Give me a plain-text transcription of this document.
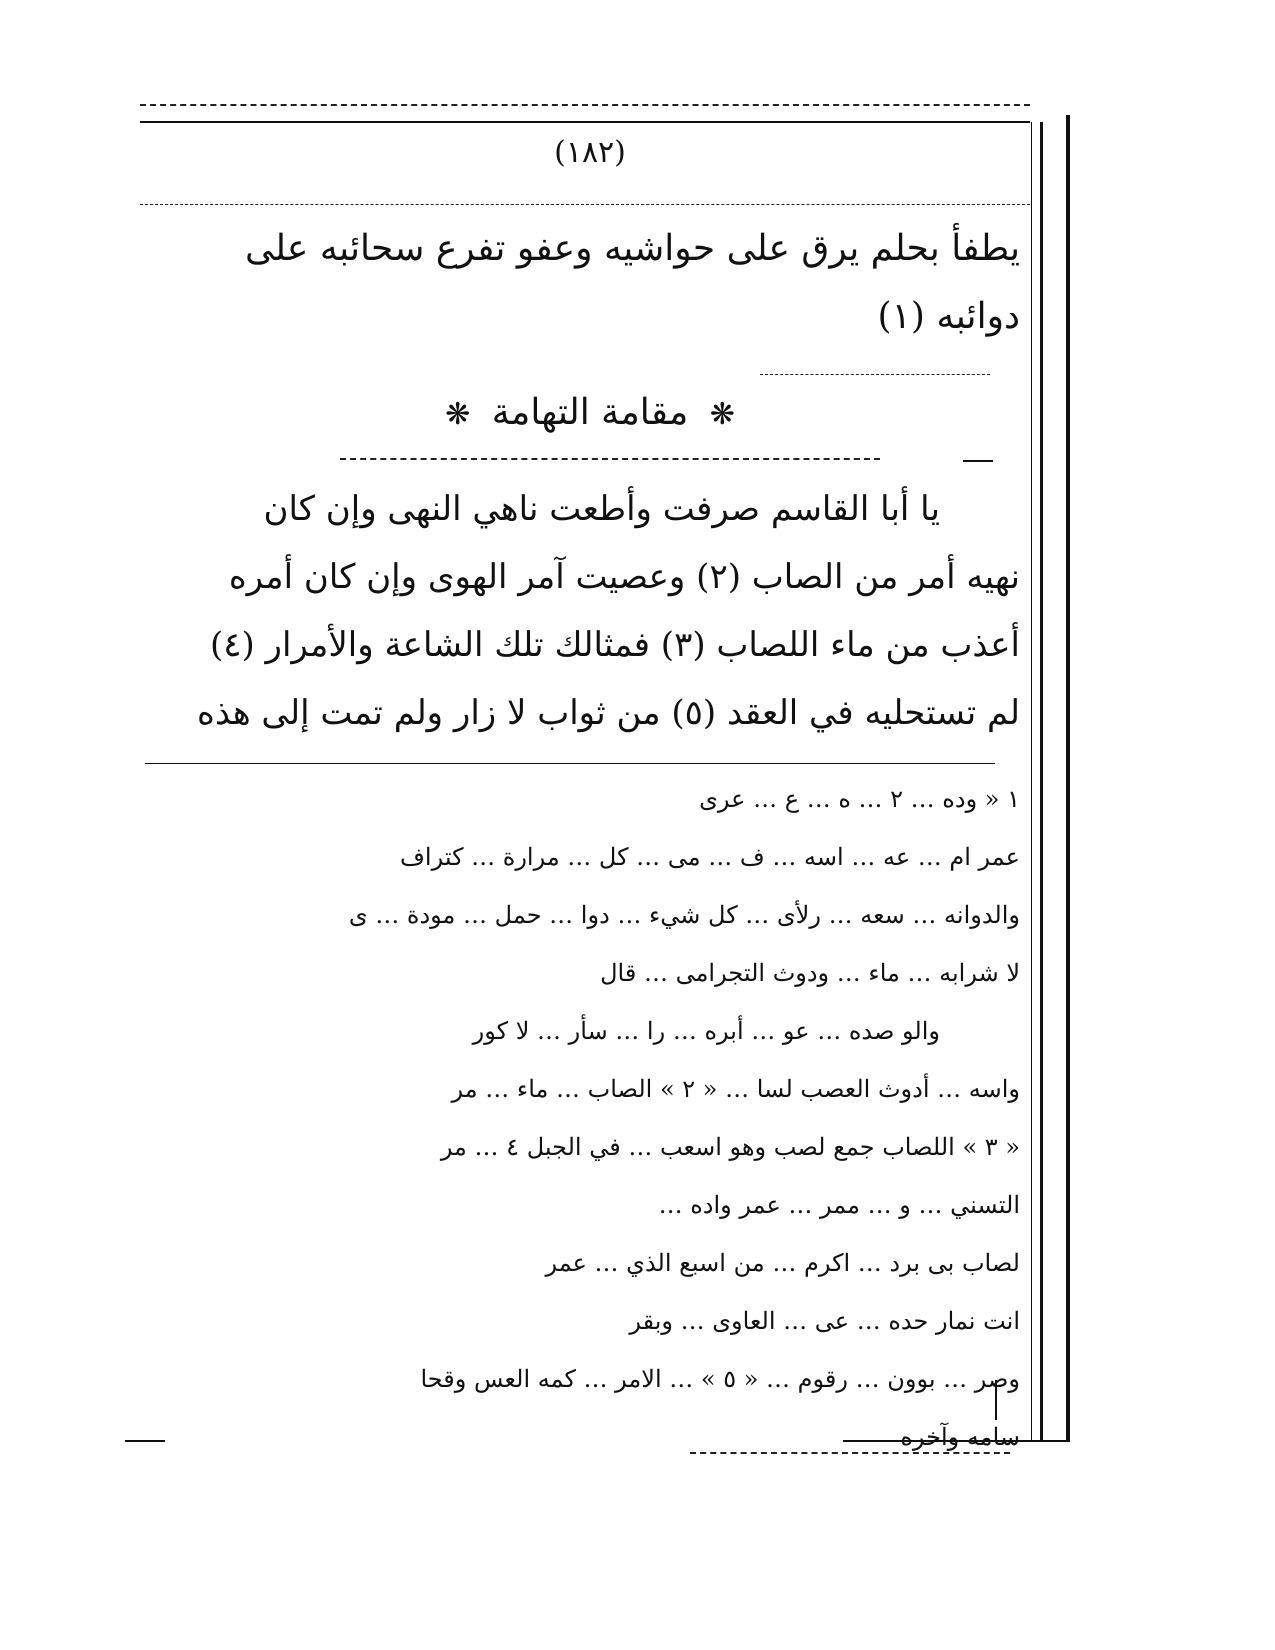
(١٨٢)
يطفأ بحلم يرق على حواشيه وعفو تفرع سحائبه على
دوائبه (١)
❋ مقامة التهامة ❋
يا أبا القاسم صرفت وأطعت ناهي النهى وإن كان
نهيه أمر من الصاب (٢) وعصيت آمر الهوى وإن كان أمره
أعذب من ماء اللصاب (٣) فمثالك تلك الشاعة والأمرار (٤)
لم تستحليه في العقد (٥) من ثواب لا زار ولم تمت إلى هذه
١ « وده … ٢ … ه … ع … عرى
عمر ام … عه … اسه … ف … مى … كل … مرارة … كتراف
والدوانه … سعه … رلأى … كل شيء … دوا … حمل … مودة … ى
لا شرابه … ماء … ودوث التجرامى … قال
والو صده … عو … أبره … را … سأر … لا كور
واسه … أدوث العصب لسا … « ٢ » الصاب … ماء … مر
« ٣ » اللصاب جمع لصب وهو اسعب … في الجبل ٤ … مر
التسني … و … ممر … عمر واده …
لصاب بى برد … اكرم … من اسبع الذي … عمر
انت نمار حده … عى … العاوى … وبقر
وصر … بوون … رقوم … « ٥ » … الامر … كمه العس وقحا
سامه وآخره
